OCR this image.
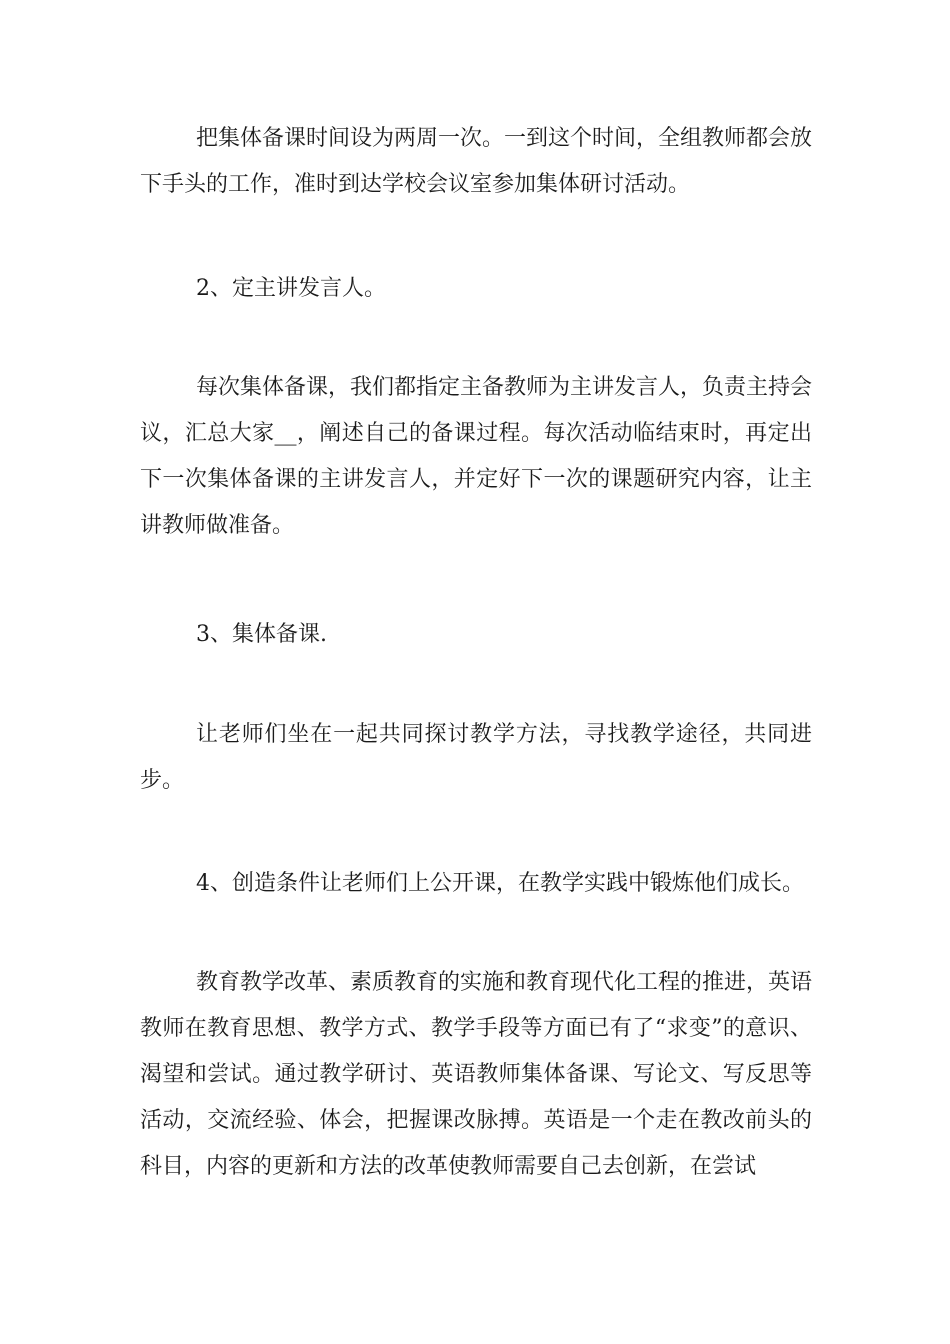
把集体备课时间设为两周一次。一到这个时间，全组教师都会放下手头的工作，准时到达学校会议室参加集体研讨活动。

2、定主讲发言人。

每次集体备课，我们都指定主备教师为主讲发言人，负责主持会议，汇总大家__，阐述自己的备课过程。每次活动临结束时，再定出下一次集体备课的主讲发言人，并定好下一次的课题研究内容，让主讲教师做准备。

3、集体备课.

让老师们坐在一起共同探讨教学方法，寻找教学途径，共同进步。

4、创造条件让老师们上公开课，在教学实践中锻炼他们成长。

教育教学改革、素质教育的实施和教育现代化工程的推进，英语教师在教育思想、教学方式、教学手段等方面已有了“求变”的意识、渴望和尝试。通过教学研讨、英语教师集体备课、写论文、写反思等活动，交流经验、体会，把握课改脉搏。英语是一个走在教改前头的科目，内容的更新和方法的改革使教师需要自己去创新，在尝试
